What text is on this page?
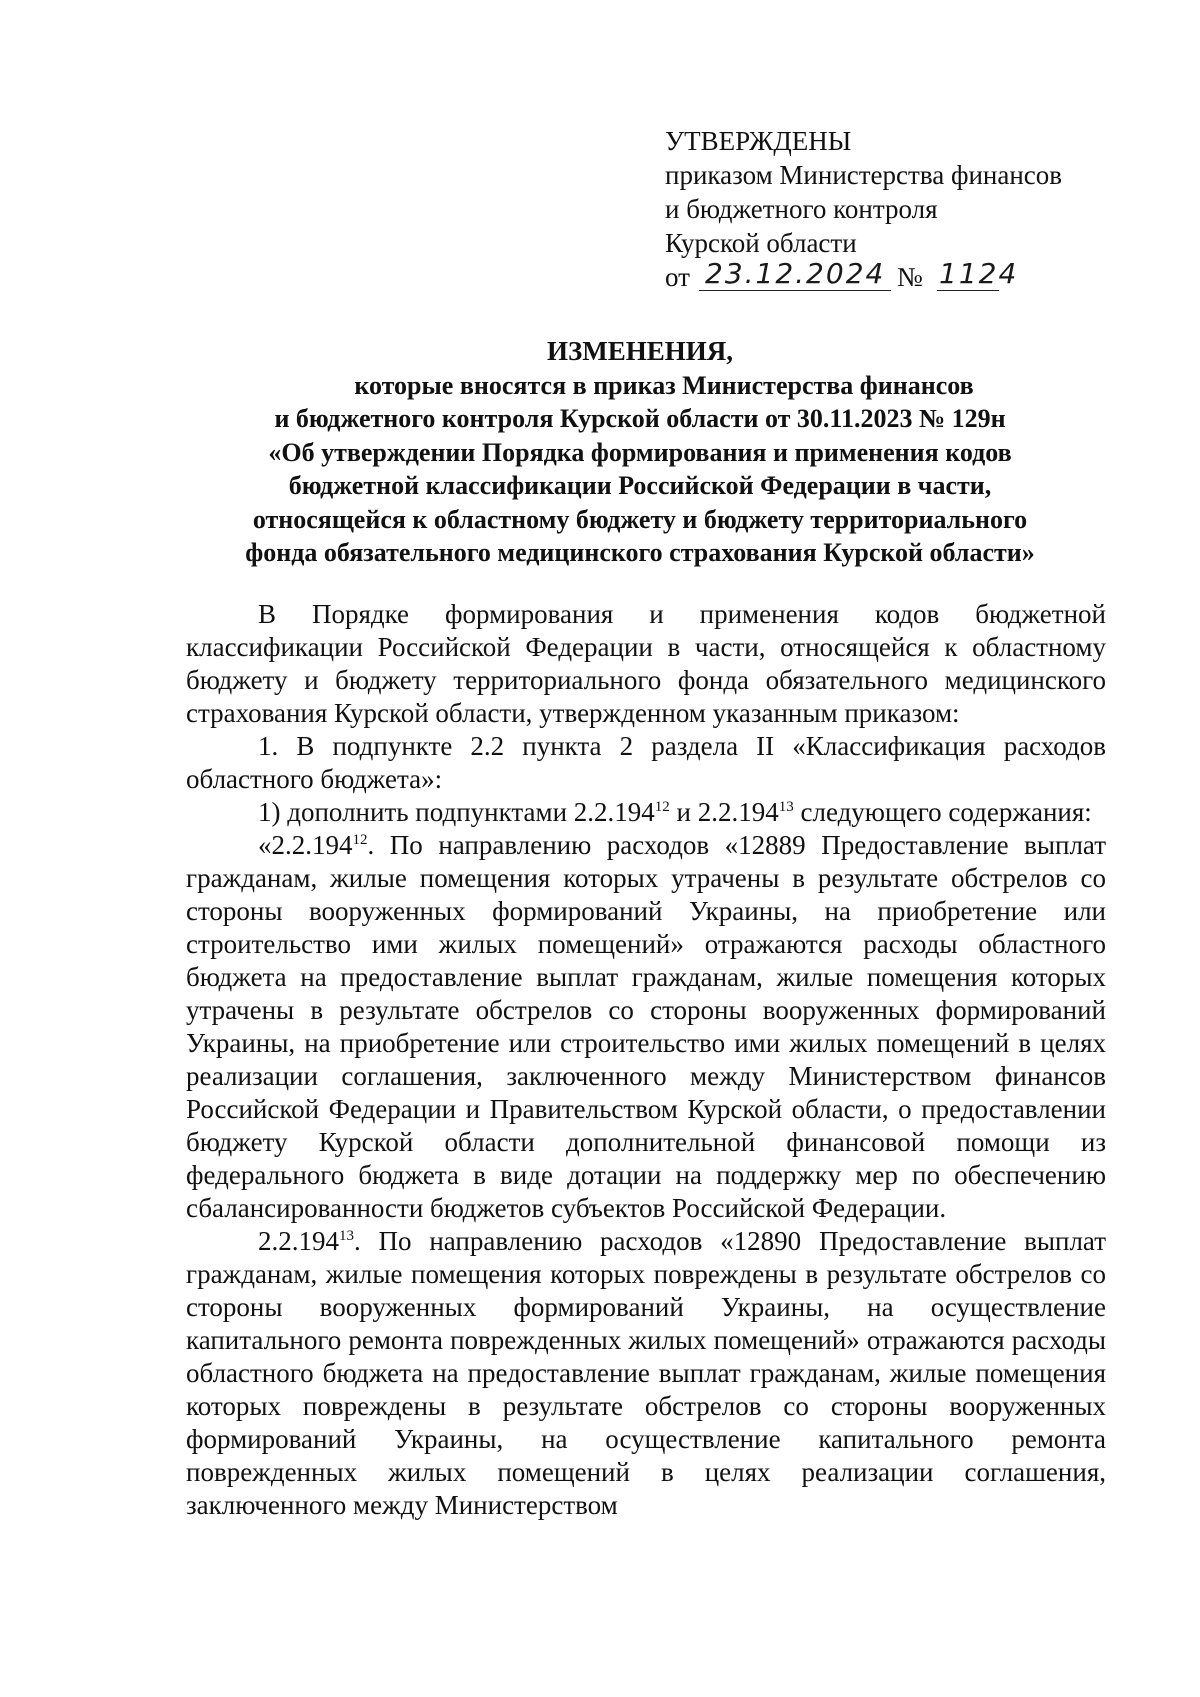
УТВЕРЖДЕНЫ
приказом Министерства финансов
и бюджетного контроля
Курской области
от 23.12.2024 № 1124
ИЗМЕНЕНИЯ,
которые вносятся в приказ Министерства финансов
и бюджетного контроля Курской области от 30.11.2023 № 129н
«Об утверждении Порядка формирования и применения кодов
бюджетной классификации Российской Федерации в части,
относящейся к областному бюджету и бюджету территориального
фонда обязательного медицинского страхования Курской области»

В Порядке формирования и применения кодов бюджетной классификации Российской Федерации в части, относящейся к областному бюджету и бюджету территориального фонда обязательного медицинского страхования Курской области, утвержденном указанным приказом:

1. В подпункте 2.2 пункта 2 раздела II «Классификация расходов областного бюджета»:

1) дополнить подпунктами 2.2.194$^{12}$ и 2.2.194$^{13}$ следующего содержания:

«2.2.194$^{12}$. По направлению расходов «12889 Предоставление выплат гражданам, жилые помещения которых утрачены в результате обстрелов со стороны вооруженных формирований Украины, на приобретение или строительство ими жилых помещений» отражаются расходы областного бюджета на предоставление выплат гражданам, жилые помещения которых утрачены в результате обстрелов со стороны вооруженных формирований Украины, на приобретение или строительство ими жилых помещений в целях реализации соглашения, заключенного между Министерством финансов Российской Федерации и Правительством Курской области, о предоставлении бюджету Курской области дополнительной финансовой помощи из федерального бюджета в виде дотации на поддержку мер по обеспечению сбалансированности бюджетов субъектов Российской Федерации.

2.2.194$^{13}$. По направлению расходов «12890 Предоставление выплат гражданам, жилые помещения которых повреждены в результате обстрелов со стороны вооруженных формирований Украины, на осуществление капитального ремонта поврежденных жилых помещений» отражаются расходы областного бюджета на предоставление выплат гражданам, жилые помещения которых повреждены в результате обстрелов со стороны вооруженных формирований Украины, на осуществление капитального ремонта поврежденных жилых помещений в целях реализации соглашения, заключенного между Министерством
